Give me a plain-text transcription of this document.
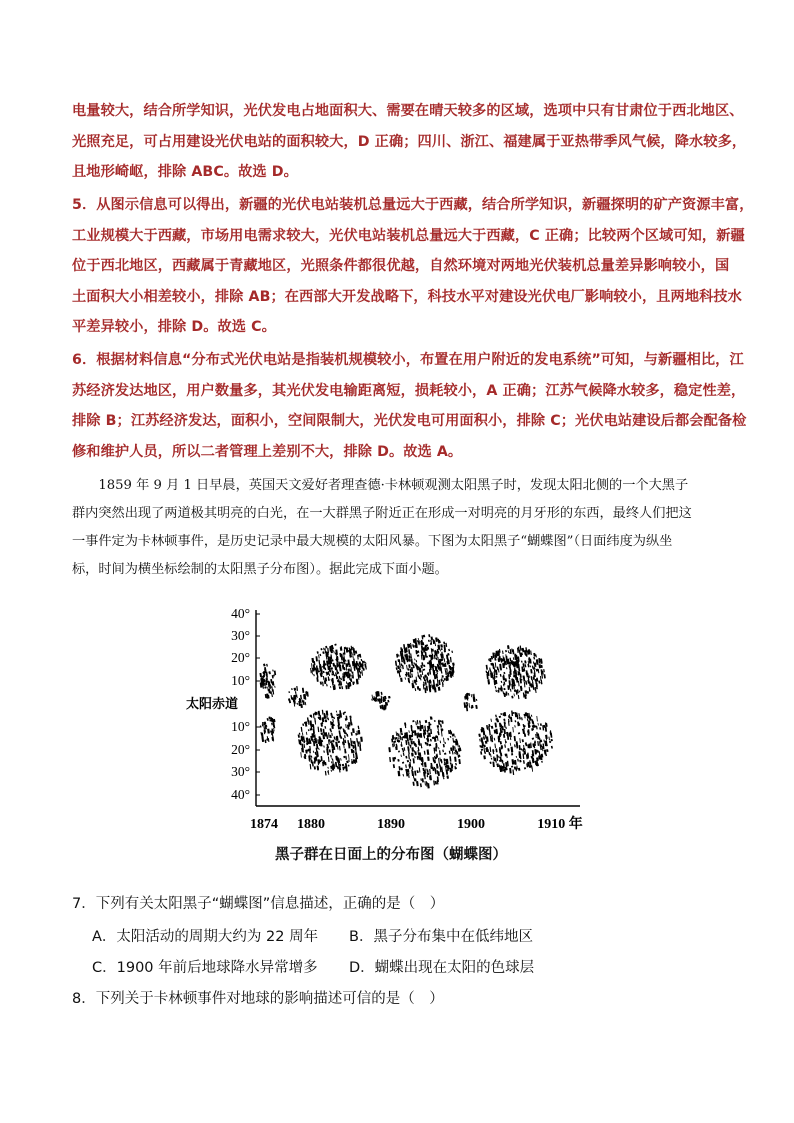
电量较大，结合所学知识，光伏发电占地面积大、需要在晴天较多的区域，选项中只有甘肃位于西北地区、
光照充足，可占用建设光伏电站的面积较大，D 正确；四川、浙江、福建属于亚热带季风气候，降水较多，
且地形崎岖，排除 ABC。故选 D。
5．从图示信息可以得出，新疆的光伏电站装机总量远大于西藏，结合所学知识，新疆探明的矿产资源丰富，
工业规模大于西藏，市场用电需求较大，光伏电站装机总量远大于西藏，C 正确；比较两个区域可知，新疆
位于西北地区，西藏属于青藏地区，光照条件都很优越，自然环境对两地光伏装机总量差异影响较小，国
土面积大小相差较小，排除 AB；在西部大开发战略下，科技水平对建设光伏电厂影响较小，且两地科技水
平差异较小，排除 D。故选 C。
6．根据材料信息“分布式光伏电站是指装机规模较小，布置在用户附近的发电系统”可知，与新疆相比，江
苏经济发达地区，用户数量多，其光伏发电输距离短，损耗较小，A 正确；江苏气候降水较多，稳定性差，
排除 B；江苏经济发达，面积小，空间限制大，光伏发电可用面积小，排除 C；光伏电站建设后都会配备检
修和维护人员，所以二者管理上差别不大，排除 D。故选 A。
　　1859 年 9 月 1 日早晨，英国天文爱好者理查德·卡林顿观测太阳黑子时，发现太阳北侧的一个大黑子
群内突然出现了两道极其明亮的白光，在一大群黑子附近正在形成一对明亮的月牙形的东西，最终人们把这
一事件定为卡林顿事件，是历史记录中最大规模的太阳风暴。下图为太阳黑子“蝴蝶图”（日面纬度为纵坐
标，时间为横坐标绘制的太阳黑子分布图）。据此完成下面小题。
40°
30°
20°
10°
10°
20°
30°
40°
1874 1880	1890	1900	1910 年
太阳赤道
黑子群在日面上的分布图（蝴蝶图）
7．下列有关太阳黑子“蝴蝶图”信息描述，正确的是（　）
A．太阳活动的周期大约为 22 周年 B．黑子分布集中在低纬地区
C．1900 年前后地球降水异常增多 D．蝴蝶出现在太阳的色球层
8．下列关于卡林顿事件对地球的影响描述可信的是（　）
